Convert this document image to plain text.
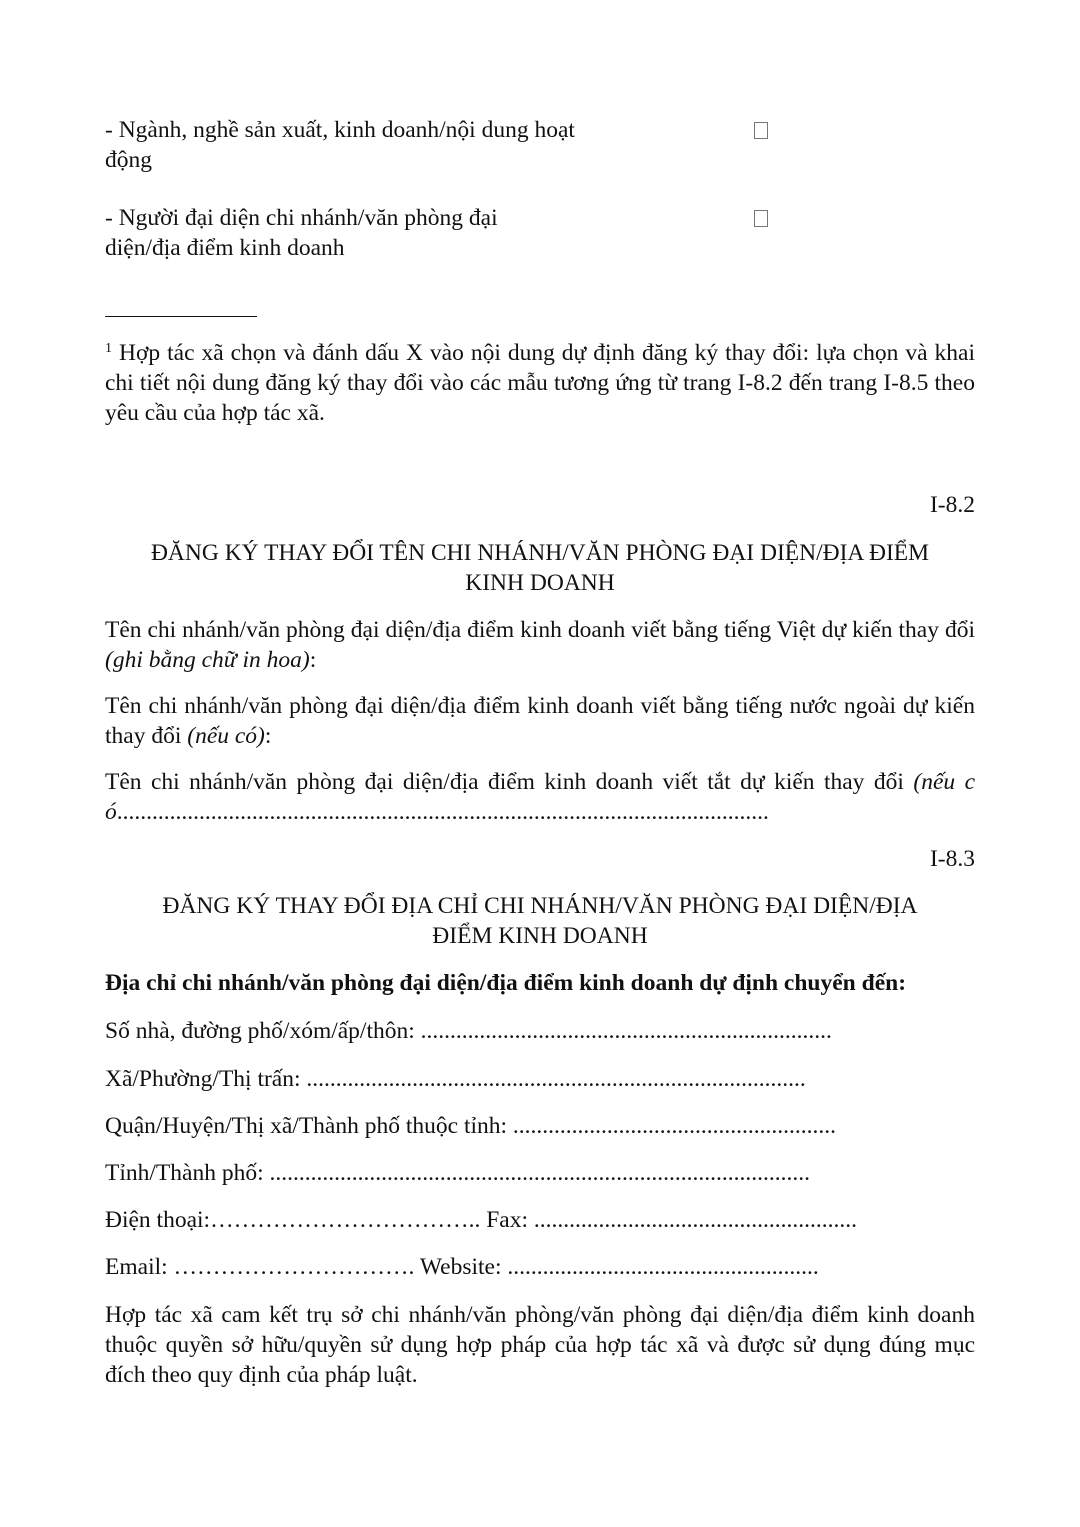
- Ngành, nghề sản xuất, kinh doanh/nội dung hoạt
động
- Người đại diện chi nhánh/văn phòng đại
diện/địa điểm kinh doanh
$^1$ Hợp tác xã chọn và đánh dấu X vào nội dung dự định đăng ký thay đổi: lựa chọn và khai chi tiết nội dung đăng ký thay đổi vào các mẫu tương ứng từ trang I-8.2 đến trang I-8.5 theo yêu cầu của hợp tác xã.
I-8.2
ĐĂNG KÝ THAY ĐỔI TÊN CHI NHÁNH/VĂN PHÒNG ĐẠI DIỆN/ĐỊA ĐIỂM
KINH DOANH
Tên chi nhánh/văn phòng đại diện/địa điểm kinh doanh viết bằng tiếng Việt dự kiến thay đổi (ghi bằng chữ in hoa):
Tên chi nhánh/văn phòng đại diện/địa điểm kinh doanh viết bằng tiếng nước ngoài dự kiến thay đổi (nếu có):
Tên chi nhánh/văn phòng đại diện/địa điểm kinh doanh viết tắt dự kiến thay đổi (nếu có...............................................................................................................
I-8.3
ĐĂNG KÝ THAY ĐỔI ĐỊA CHỈ CHI NHÁNH/VĂN PHÒNG ĐẠI DIỆN/ĐỊA
ĐIỂM KINH DOANH
Địa chỉ chi nhánh/văn phòng đại diện/địa điểm kinh doanh dự định chuyển đến:
Số nhà, đường phố/xóm/ấp/thôn: ......................................................................
Xã/Phường/Thị trấn: .....................................................................................
Quận/Huyện/Thị xã/Thành phố thuộc tỉnh: .......................................................
Tỉnh/Thành phố: ............................................................................................
Điện thoại:…………………………….. Fax: .......................................................
Email: …………………………. Website: .....................................................
Hợp tác xã cam kết trụ sở chi nhánh/văn phòng/văn phòng đại diện/địa điểm kinh doanh thuộc quyền sở hữu/quyền sử dụng hợp pháp của hợp tác xã và được sử dụng đúng mục đích theo quy định của pháp luật.
